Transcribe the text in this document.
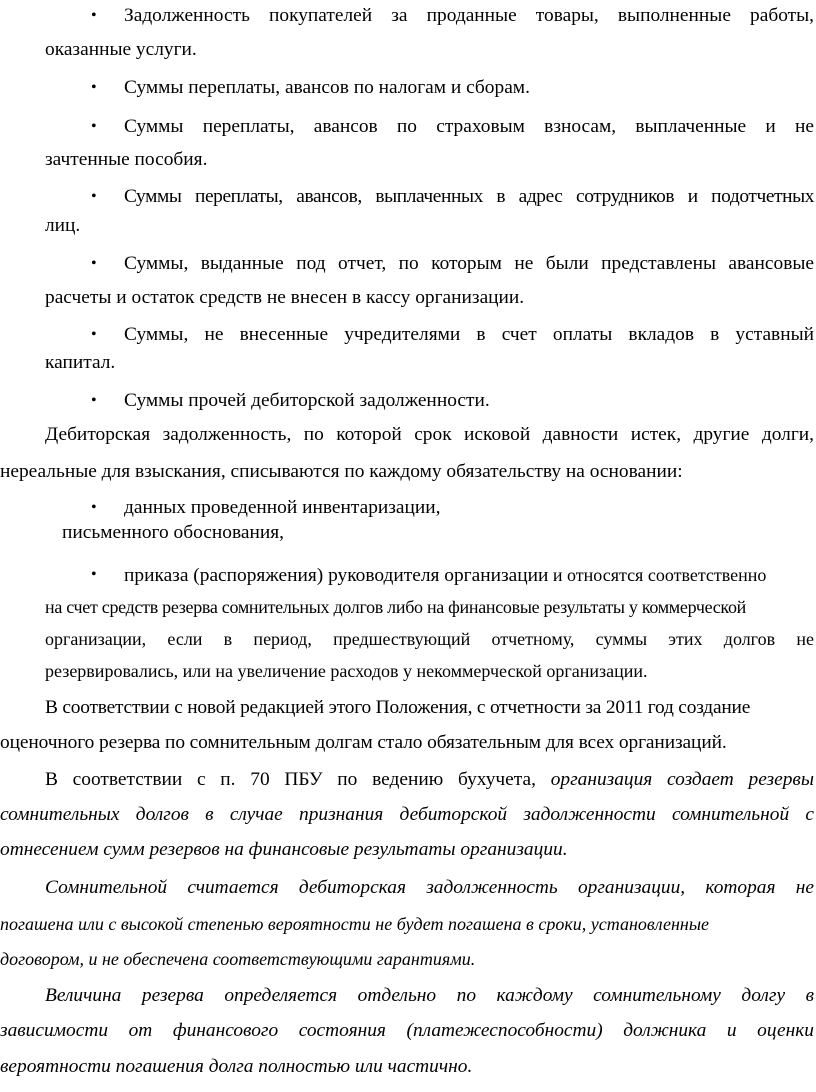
• Задолженность покупателей за проданные товары, выполненные работы,
оказанные услуги.
• Суммы переплаты, авансов по налогам и сборам.
• Суммы переплаты, авансов по страховым взносам, выплаченные и не
зачтенные пособия.
• Суммы переплаты, авансов, выплаченных в адрес сотрудников и подотчетных
лиц.
• Суммы, выданные под отчет, по которым не были представлены авансовые
расчеты и остаток средств не внесен в кассу организации.
• Суммы, не внесенные учредителями в счет оплаты вкладов в уставный
капитал.
• Суммы прочей дебиторской задолженности.
Дебиторская задолженность, по которой срок исковой давности истек, другие долги,
нереальные для взыскания, списываются по каждому обязательству на основании:
• данных проведенной инвентаризации,
письменного обоснования,
• приказа (распоряжения) руководителя организации и относятся соответственно
на счет средств резерва сомнительных долгов либо на финансовые результаты у коммерческой
организации, если в период, предшествующий отчетному, суммы этих долгов не
резервировались, или на увеличение расходов у некоммерческой организации.
В соответствии с новой редакцией этого Положения, с отчетности за 2011 год создание
оценочного резерва по сомнительным долгам стало обязательным для всех организаций.
В соответствии с п. 70 ПБУ по ведению бухучета, организация создает резервы
сомнительных долгов в случае признания дебиторской задолженности сомнительной с
отнесением сумм резервов на финансовые результаты организации.
Сомнительной считается дебиторская задолженность организации, которая не
погашена или с высокой степенью вероятности не будет погашена в сроки, установленные
договором, и не обеспечена соответствующими гарантиями.
Величина резерва определяется отдельно по каждому сомнительному долгу в
зависимости от финансового состояния (платежеспособности) должника и оценки
вероятности погашения долга полностью или частично.
